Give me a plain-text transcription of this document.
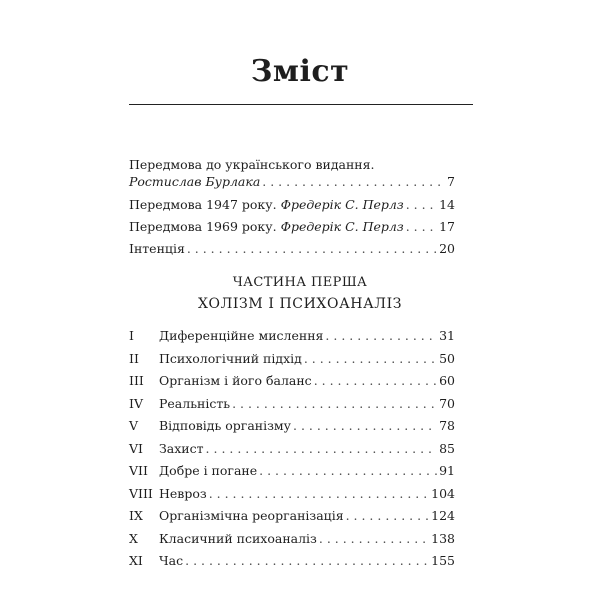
Зміст
Передмова до українського видання.
Ростислав Бурлака . . .	7
Передмова 1947 року. Фредерік С. Перлз . . .	14
Передмова 1969 року. Фредерік С. Перлз . . .	17
Інтенція . . .	20
ЧАСТИНА ПЕРША
ХОЛІЗМ І ПСИХОАНАЛІЗ
I	Диференційне мислення . . .	31
II	Психологічний підхід . . .	50
III	Організм і його баланс . . .	60
IV	Реальність . . .	70
V	Відповідь організму . . .	78
VI	Захист . . .	85
VII Добре і погане . . .	91
VIII Невроз . . .	104
IX	Організмічна реорганізація . . .	124
X	Класичний психоаналіз . . .	138
XI	Час . . .	155
